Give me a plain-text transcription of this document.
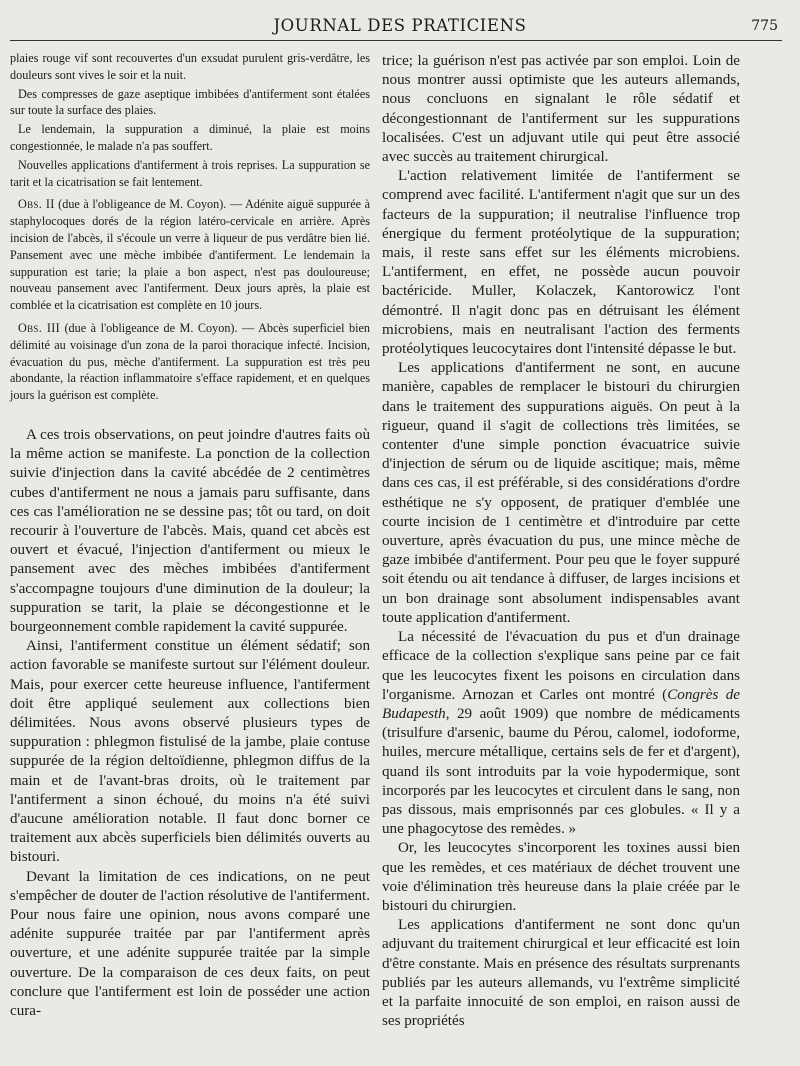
JOURNAL DES PRATICIENS	775

plaies rouge vif sont recouvertes d'un exsudat purulent gris-verdâtre, les douleurs sont vives le soir et la nuit.

Des compresses de gaze aseptique imbibées d'antiferment sont étalées sur toute la surface des plaies.

Le lendemain, la suppuration a diminué, la plaie est moins congestionnée, le malade n'a pas souffert.

Nouvelles applications d'antiferment à trois reprises. La suppuration se tarit et la cicatrisation se fait lentement.

Obs. II (due à l'obligeance de M. Coyon). — Adénite aiguë suppurée à staphylocoques dorés de la région latéro-cervicale en arrière. Après incision de l'abcès, il s'écoule un verre à liqueur de pus verdâtre bien lié. Pansement avec une mèche imbibée d'antiferment. Le lendemain la suppuration est tarie; la plaie a bon aspect, n'est pas douloureuse; nouveau pansement avec l'antiferment. Deux jours après, la plaie est comblée et la cicatrisation est complète en 10 jours.

Obs. III (due à l'obligeance de M. Coyon). — Abcès superficiel bien délimité au voisinage d'un zona de la paroi thoracique infecté. Incision, évacuation du pus, mèche d'antiferment. La suppuration est très peu abondante, la réaction inflammatoire s'efface rapidement, et en quelques jours la guérison est complète.

A ces trois observations, on peut joindre d'autres faits où la même action se manifeste. La ponction de la collection suivie d'injection dans la cavité abcédée de 2 centimètres cubes d'antiferment ne nous a jamais paru suffisante, dans ces cas l'amélioration ne se dessine pas; tôt ou tard, on doit recourir à l'ouverture de l'abcès. Mais, quand cet abcès est ouvert et évacué, l'injection d'antiferment ou mieux le pansement avec des mèches imbibées d'antiferment s'accompagne toujours d'une diminution de la douleur; la suppuration se tarit, la plaie se décongestionne et le bourgeonnement comble rapidement la cavité suppurée.

Ainsi, l'antiferment constitue un élément sédatif; son action favorable se manifeste surtout sur l'élément douleur. Mais, pour exercer cette heureuse influence, l'antiferment doit être appliqué seulement aux collections bien délimitées. Nous avons observé plusieurs types de suppuration : phlegmon fistulisé de la jambe, plaie contuse suppurée de la région deltoïdienne, phlegmon diffus de la main et de l'avant-bras droits, où le traitement par l'antiferment a sinon échoué, du moins n'a été suivi d'aucune amélioration notable. Il faut donc borner ce traitement aux abcès superficiels bien délimités ouverts au bistouri.

Devant la limitation de ces indications, on ne peut s'empêcher de douter de l'action résolutive de l'antiferment. Pour nous faire une opinion, nous avons comparé une adénite suppurée traitée par par l'antiferment après ouverture, et une adénite suppurée traitée par la simple ouverture. De la comparaison de ces deux faits, on peut conclure que l'antiferment est loin de posséder une action cura-

trice; la guérison n'est pas activée par son emploi. Loin de nous montrer aussi optimiste que les auteurs allemands, nous concluons en signalant le rôle sédatif et décongestionnant de l'antiferment sur les suppurations localisées. C'est un adjuvant utile qui peut être associé avec succès au traitement chirurgical.

L'action relativement limitée de l'antiferment se comprend avec facilité. L'antiferment n'agit que sur un des facteurs de la suppuration; il neutralise l'influence trop énergique du ferment protéolytique de la suppuration; mais, il reste sans effet sur les éléments microbiens. L'antiferment, en effet, ne possède aucun pouvoir bactéricide. Muller, Kolaczek, Kantorowicz l'ont démontré. Il n'agit donc pas en détruisant les élément microbiens, mais en neutralisant l'action des ferments protéolytiques leucocytaires dont l'intensité dépasse le but.

Les applications d'antiferment ne sont, en aucune manière, capables de remplacer le bistouri du chirurgien dans le traitement des suppurations aiguës. On peut à la rigueur, quand il s'agit de collections très limitées, se contenter d'une simple ponction évacuatrice suivie d'injection de sérum ou de liquide ascitique; mais, même dans ces cas, il est préférable, si des considérations d'ordre esthétique ne s'y opposent, de pratiquer d'emblée une courte incision de 1 centimètre et d'introduire par cette ouverture, après évacuation du pus, une mince mèche de gaze imbibée d'antiferment. Pour peu que le foyer suppuré soit étendu ou ait tendance à diffuser, de larges incisions et un bon drainage sont absolument indispensables avant toute application d'antiferment.

La nécessité de l'évacuation du pus et d'un drainage efficace de la collection s'explique sans peine par ce fait que les leucocytes fixent les poisons en circulation dans l'organisme. Arnozan et Carles ont montré (Congrès de Budapesth, 29 août 1909) que nombre de médicaments (trisulfure d'arsenic, baume du Pérou, calomel, iodoforme, huiles, mercure métallique, certains sels de fer et d'argent), quand ils sont introduits par la voie hypodermique, sont incorporés par les leucocytes et circulent dans le sang, non pas dissous, mais emprisonnés par ces globules. « Il y a une phagocytose des remèdes. »

Or, les leucocytes s'incorporent les toxines aussi bien que les remèdes, et ces matériaux de déchet trouvent une voie d'élimination très heureuse dans la plaie créée par le bistouri du chirurgien.

Les applications d'antiferment ne sont donc qu'un adjuvant du traitement chirurgical et leur efficacité est loin d'être constante. Mais en présence des résultats surprenants publiés par les auteurs allemands, vu l'extrême simplicité et la parfaite innocuité de son emploi, en raison aussi de ses propriétés
